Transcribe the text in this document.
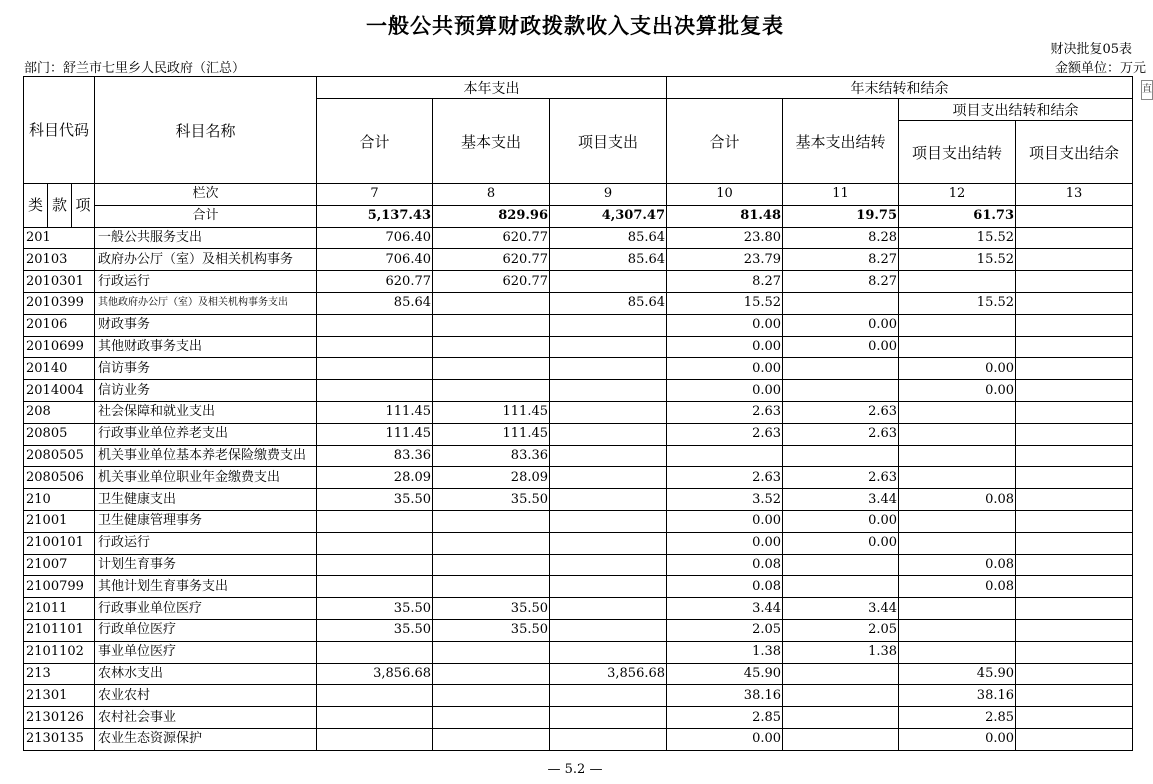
一般公共预算财政拨款收入支出决算批复表
财决批复05表
部门：舒兰市七里乡人民政府（汇总）	金额单位：万元
直
科目代码			科目名称	本年支出			年末结转和结余			
				合计	基本支出	项目支出	合计	基本支出结转	项目支出结转和结余	
									项目支出结转	项目支出结余
类	款	项	栏次	7	8	9	10	11	12	13
			合计	5,137.43	829.96	4,307.47	81.48	19.75	61.73	
201			一般公共服务支出	706.40	620.77	85.64	23.80	8.28	15.52	
20103			政府办公厅（室）及相关机构事务	706.40	620.77	85.64	23.79	8.27	15.52	
2010301			行政运行	620.77	620.77		8.27	8.27		
2010399			其他政府办公厅（室）及相关机构事务支出	85.64		85.64	15.52		15.52	
20106			财政事务				0.00	0.00		
2010699			其他财政事务支出				0.00	0.00		
20140			信访事务				0.00		0.00	
2014004			信访业务				0.00		0.00	
208			社会保障和就业支出	111.45	111.45		2.63	2.63		
20805			行政事业单位养老支出	111.45	111.45		2.63	2.63		
2080505			机关事业单位基本养老保险缴费支出	83.36	83.36					
2080506			机关事业单位职业年金缴费支出	28.09	28.09		2.63	2.63		
210			卫生健康支出	35.50	35.50		3.52	3.44	0.08	
21001			卫生健康管理事务				0.00	0.00		
2100101			行政运行				0.00	0.00		
21007			计划生育事务				0.08		0.08	
2100799			其他计划生育事务支出				0.08		0.08	
21011			行政事业单位医疗	35.50	35.50		3.44	3.44		
2101101			行政单位医疗	35.50	35.50		2.05	2.05		
2101102			事业单位医疗				1.38	1.38		
213			农林水支出	3,856.68		3,856.68	45.90		45.90	
21301			农业农村				38.16		38.16	
2130126			农村社会事业				2.85		2.85	
2130135			农业生态资源保护				0.00		0.00	
— 5.2 —
